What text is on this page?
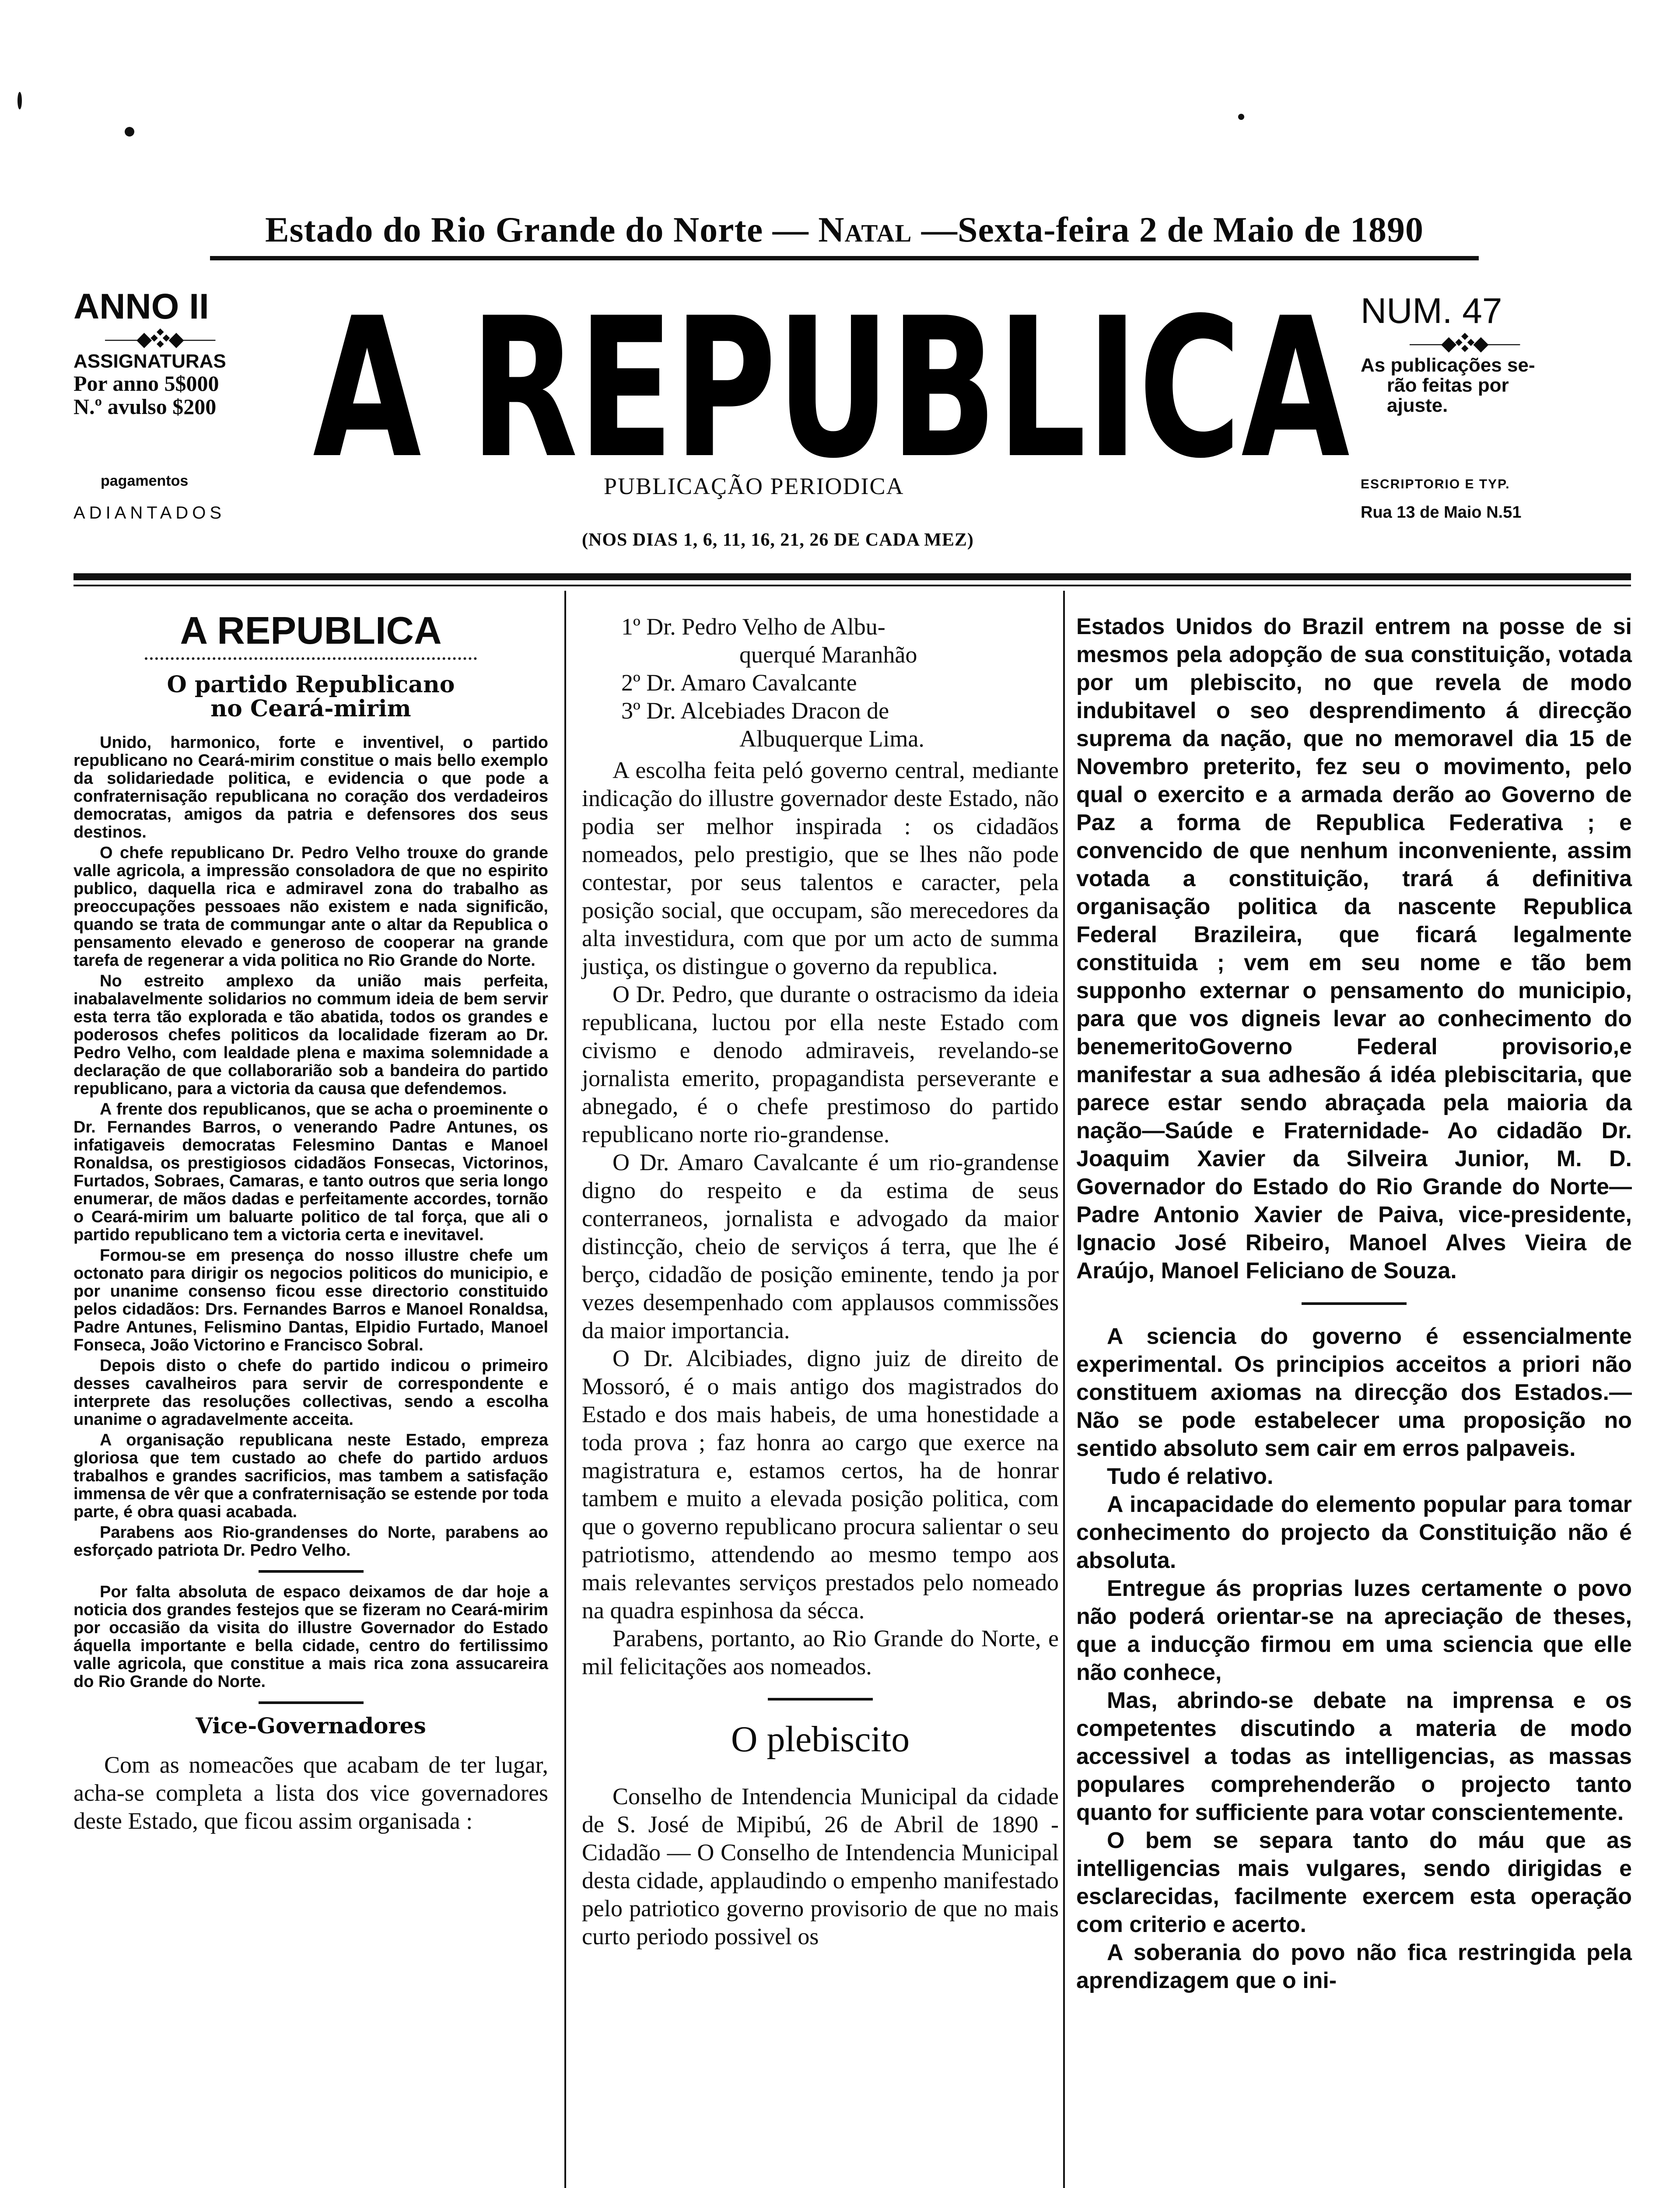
Estado do Rio Grande do Norte — Natal —Sexta-feira 2 de Maio de 1890
ANNO II
⸺◆❖◆⸺
ASSIGNATURAS
Por anno 5$000
N.º avulso $200
pagamentos
ADIANTADOS
A REPUBLICA
PUBLICAÇÃO PERIODICA
(NOS DIAS 1, 6, 11, 16, 21, 26 DE CADA MEZ)
NUM. 47
⸺◆❖◆⸺
As publicações se-
rão feitas por
ajuste.
ESCRIPTORIO E TYP.
Rua 13 de Maio N.51
A REPUBLICA
O partido Republicano
no Ceará-mirim

Unido, harmonico, forte e inventivel, o partido republicano no Ceará-mirim constitue o mais bello exemplo da solidariedade politica, e evidencia o que pode a confraternisação republicana no coração dos verdadeiros democratas, amigos da patria e defensores dos seus destinos.

O chefe republicano Dr. Pedro Velho trouxe do grande valle agricola, a impressão consoladora de que no espirito publico, daquella rica e admiravel zona do trabalho as preoccupações pessoaes não existem e nada significão, quando se trata de commungar ante o altar da Republica o pensamento elevado e generoso de cooperar na grande tarefa de regenerar a vida politica no Rio Grande do Norte.

No estreito amplexo da união mais perfeita, inabalavelmente solidarios no commum ideia de bem servir esta terra tão explorada e tão abatida, todos os grandes e poderosos chefes politicos da localidade fizeram ao Dr. Pedro Velho, com lealdade plena e maxima solemnidade a declaração de que collaborarião sob a bandeira do partido republicano, para a victoria da causa que defendemos.

A frente dos republicanos, que se acha o proeminente o Dr. Fernandes Barros, o venerando Padre Antunes, os infatigaveis democratas Felesmino Dantas e Manoel Ronaldsa, os prestigiosos cidadãos Fonsecas, Victorinos, Furtados, Sobraes, Camaras, e tanto outros que seria longo enumerar, de mãos dadas e perfeitamente accordes, tornão o Ceará-mirim um baluarte politico de tal força, que ali o partido republicano tem a victoria certa e inevitavel.

Formou-se em presença do nosso illustre chefe um octonato para dirigir os negocios politicos do municipio, e por unanime consenso ficou esse directorio constituido pelos cidadãos: Drs. Fernandes Barros e Manoel Ronaldsa, Padre Antunes, Felismino Dantas, Elpidio Furtado, Manoel Fonseca, João Victorino e Francisco Sobral.

Depois disto o chefe do partido indicou o primeiro desses cavalheiros para servir de correspondente e interprete das resoluções collectivas, sendo a escolha unanime o agradavelmente acceita.

A organisação republicana neste Estado, empreza gloriosa que tem custado ao chefe do partido arduos trabalhos e grandes sacrificios, mas tambem a satisfação immensa de vêr que a confraternisação se estende por toda parte, é obra quasi acabada.

Parabens aos Rio-grandenses do Norte, parabens ao esforçado patriota Dr. Pedro Velho.

Por falta absoluta de espaco deixamos de dar hoje a noticia dos grandes festejos que se fizeram no Ceará-mirim por occasião da visita do illustre Governador do Estado áquella importante e bella cidade, centro do fertilissimo valle agricola, que constitue a mais rica zona assucareira do Rio Grande do Norte.

Vice-Governadores

Com as nomeacões que acabam de ter lugar, acha-se completa a lista dos vice governadores deste Estado, que ficou assim organisada :

1º Dr. Pedro Velho de Albu-
querqué Maranhão
2º Dr. Amaro Cavalcante
3º Dr. Alcebiades Dracon de
Albuquerque Lima.

A escolha feita peló governo central, mediante indicação do illustre governador deste Estado, não podia ser melhor inspirada : os cidadãos nomeados, pelo prestigio, que se lhes não pode contestar, por seus talentos e caracter, pela posição social, que occupam, são merecedores da alta investidura, com que por um acto de summa justiça, os distingue o governo da republica.

O Dr. Pedro, que durante o ostracismo da ideia republicana, luctou por ella neste Estado com civismo e denodo admiraveis, revelando-se jornalista emerito, propagandista perseverante e abnegado, é o chefe prestimoso do partido republicano norte rio-grandense.

O Dr. Amaro Cavalcante é um rio-grandense digno do respeito e da estima de seus conterraneos, jornalista e advogado da maior distincção, cheio de serviços á terra, que lhe é berço, cidadão de posição eminente, tendo ja por vezes desempenhado com applausos commissões da maior importancia.

O Dr. Alcibiades, digno juiz de direito de Mossoró, é o mais antigo dos magistrados do Estado e dos mais habeis, de uma honestidade a toda prova ; faz honra ao cargo que exerce na magistratura e, estamos certos, ha de honrar tambem e muito a elevada posição politica, com que o governo republicano procura salientar o seu patriotismo, attendendo ao mesmo tempo aos mais relevantes serviços prestados pelo nomeado na quadra espinhosa da sécca.

Parabens, portanto, ao Rio Grande do Norte, e mil felicitações aos nomeados.

O plebiscito

Conselho de Intendencia Municipal da cidade de S. José de Mipibú, 26 de Abril de 1890 - Cidadão — O Conselho de Intendencia Municipal desta cidade, applaudindo o empenho manifestado pelo patriotico governo provisorio de que no mais curto periodo possivel os

Estados Unidos do Brazil entrem na posse de si mesmos pela adopção de sua constituição, votada por um plebiscito, no que revela de modo indubitavel o seo desprendimento á direcção suprema da nação, que no memoravel dia 15 de Novembro preterito, fez seu o movimento, pelo qual o exercito e a armada derão ao Governo de Paz a forma de Republica Federativa ; e convencido de que nenhum inconveniente, assim votada a constituição, trará á definitiva organisação politica da nascente Republica Federal Brazileira, que ficará legalmente constituida ; vem em seu nome e tão bem supponho externar o pensamento do municipio, para que vos digneis levar ao conhecimento do benemeritoGoverno Federal provisorio,e manifestar a sua adhesão á idéa plebiscitaria, que parece estar sendo abraçada pela maioria da nação—Saúde e Fraternidade- Ao cidadão Dr. Joaquim Xavier da Silveira Junior, M. D. Governador do Estado do Rio Grande do Norte—Padre Antonio Xavier de Paiva, vice-presidente, Ignacio José Ribeiro, Manoel Alves Vieira de Araújo, Manoel Feliciano de Souza.

A sciencia do governo é essencialmente experimental. Os principios acceitos a priori não constituem axiomas na direcção dos Estados.—Não se pode estabelecer uma proposição no sentido absoluto sem cair em erros palpaveis.

Tudo é relativo.

A incapacidade do elemento popular para tomar conhecimento do projecto da Constituição não é absoluta.

Entregue ás proprias luzes certamente o povo não poderá orientar-se na apreciação de theses, que a inducção firmou em uma sciencia que elle não conhece,

Mas, abrindo-se debate na imprensa e os competentes discutindo a materia de modo accessivel a todas as intelligencias, as massas populares comprehenderão o projecto tanto quanto for sufficiente para votar conscientemente.

O bem se separa tanto do máu que as intelligencias mais vulgares, sendo dirigidas e esclarecidas, facilmente exercem esta operação com criterio e acerto.

A soberania do povo não fica restringida pela aprendizagem que o ini-
